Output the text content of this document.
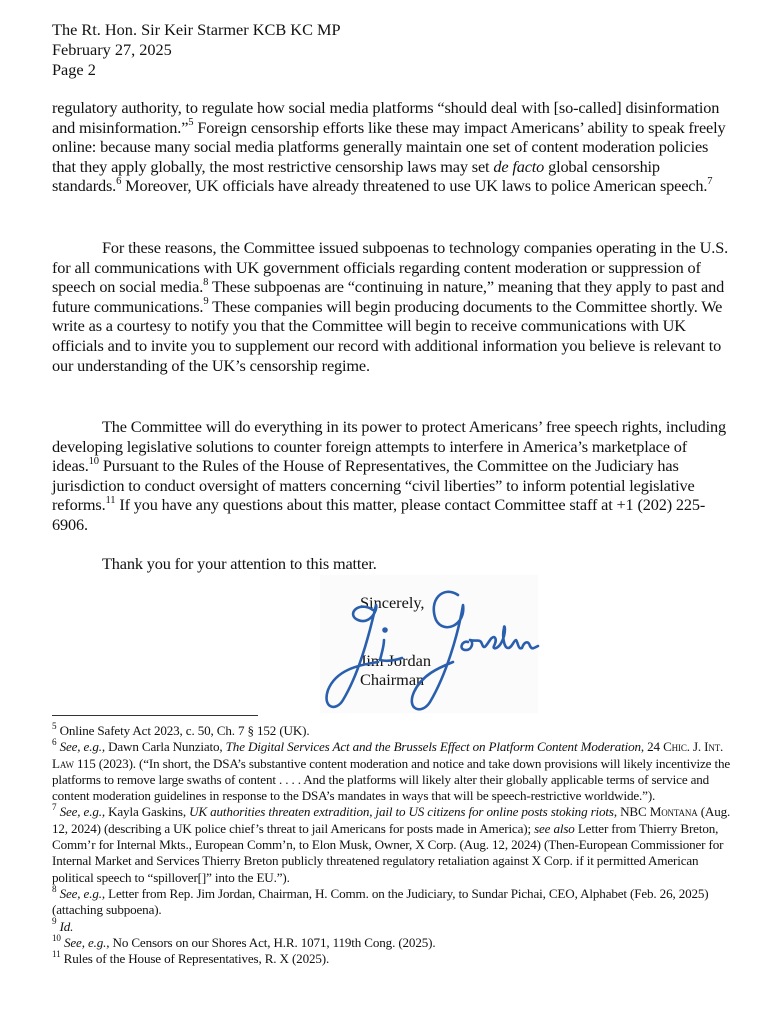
The Rt. Hon. Sir Keir Starmer KCB KC MP
February 27, 2025
Page 2

regulatory authority, to regulate how social media platforms “should deal with [so-called] disinformation and misinformation.”$^5$ Foreign censorship efforts like these may impact Americans’ ability to speak freely online: because many social media platforms generally maintain one set of content moderation policies that they apply globally, the most restrictive censorship laws may set de facto global censorship standards.$^6$ Moreover, UK officials have already threatened to use UK laws to police American speech.$^7$

For these reasons, the Committee issued subpoenas to technology companies operating in the U.S. for all communications with UK government officials regarding content moderation or suppression of speech on social media.$^8$ These subpoenas are “continuing in nature,” meaning that they apply to past and future communications.$^9$ These companies will begin producing documents to the Committee shortly. We write as a courtesy to notify you that the Committee will begin to receive communications with UK officials and to invite you to supplement our record with additional information you believe is relevant to our understanding of the UK’s censorship regime.

The Committee will do everything in its power to protect Americans’ free speech rights, including developing legislative solutions to counter foreign attempts to interfere in America’s marketplace of ideas.$^{10}$ Pursuant to the Rules of the House of Representatives, the Committee on the Judiciary has jurisdiction to conduct oversight of matters concerning “civil liberties” to inform potential legislative reforms.$^{11}$ If you have any questions about this matter, please contact Committee staff at +1 (202) 225-6906.

Thank you for your attention to this matter.

Sincerely,
Jim Jordan
Chairman

$^5$ Online Safety Act 2023, c. 50, Ch. 7 § 152 (UK).

$^6$ See, e.g., Dawn Carla Nunziato, The Digital Services Act and the Brussels Effect on Platform Content Moderation, 24 Chic. J. Int. Law 115 (2023). (“In short, the DSA’s substantive content moderation and notice and take down provisions will likely incentivize the platforms to remove large swaths of content . . . . And the platforms will likely alter their globally applicable terms of service and content moderation guidelines in response to the DSA’s mandates in ways that will be speech-restrictive worldwide.”).

$^7$ See, e.g., Kayla Gaskins, UK authorities threaten extradition, jail to US citizens for online posts stoking riots, NBC Montana (Aug. 12, 2024) (describing a UK police chief’s threat to jail Americans for posts made in America); see also Letter from Thierry Breton, Comm’r for Internal Mkts., European Comm’n, to Elon Musk, Owner, X Corp. (Aug. 12, 2024) (Then-European Commissioner for Internal Market and Services Thierry Breton publicly threatened regulatory retaliation against X Corp. if it permitted American political speech to “spillover[]” into the EU.”).

$^8$ See, e.g., Letter from Rep. Jim Jordan, Chairman, H. Comm. on the Judiciary, to Sundar Pichai, CEO, Alphabet (Feb. 26, 2025) (attaching subpoena).

$^9$ Id.

$^{10}$ See, e.g., No Censors on our Shores Act, H.R. 1071, 119th Cong. (2025).

$^{11}$ Rules of the House of Representatives, R. X (2025).
